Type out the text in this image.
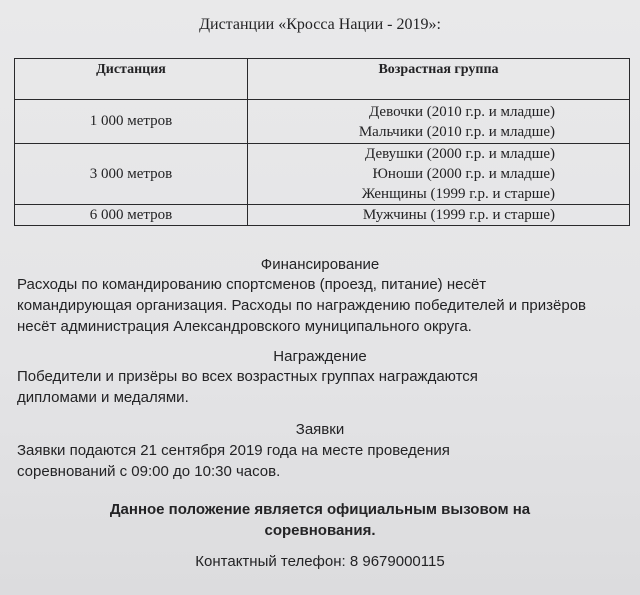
Дистанции «Кросса Нации - 2019»:
Дистанция	Возрастная группа
1 000 метров	Девочки (2010 г.р. и младше)
Мальчики (2010 г.р. и младше)

3 000 метров	Девушки (2000 г.р. и младше)
Юноши (2000 г.р. и младше)
Женщины (1999 г.р. и старше)

6 000 метров	Мужчины (1999 г.р. и старше)
Финансирование
Расходы по командированию спортсменов (проезд, питание) несёт
командирующая организация. Расходы по награждению победителей и призёров
несёт администрация Александровского муниципального округа.
Награждение
Победители и призёры во всех возрастных группах награждаются
дипломами и медалями.
Заявки
Заявки подаются 21 сентября 2019 года на месте проведения
соревнований с 09:00 до 10:30 часов.
Данное положение является официальным вызовом на
соревнования.
Контактный телефон: 8 9679000115
